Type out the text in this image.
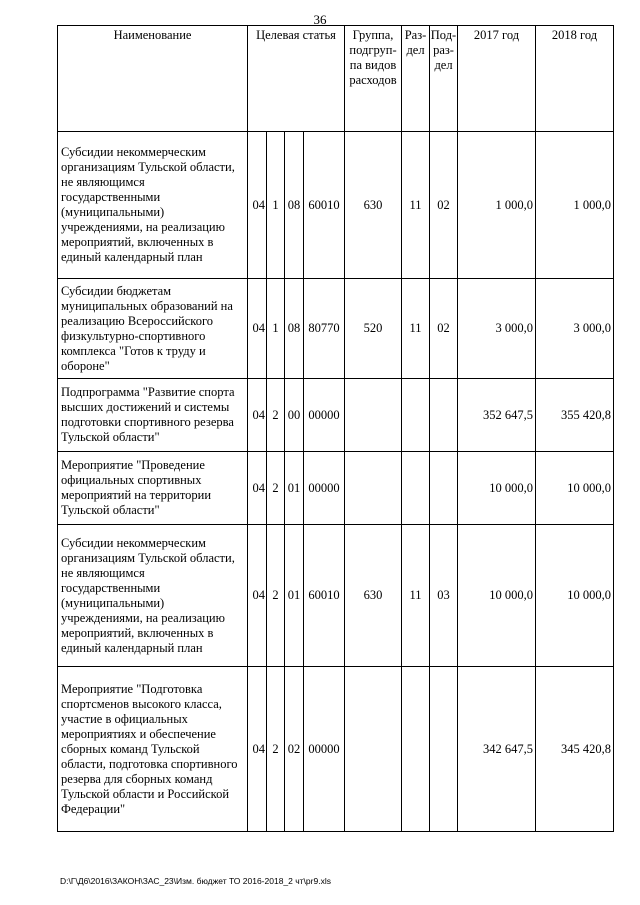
36
Наименование	Целевая статья				Группа, подгруп-па видов расходов	Раз-дел	Под-раз-дел	2017 год	2018 год
Субсидии некоммерческим организациям Тульской области, не являющимся государственными (муниципальными) учреждениями, на реализацию мероприятий, включенных в единый календарный план	04	1	08	60010	630	11	02	1 000,0	1 000,0
Субсидии бюджетам муниципальных образований на реализацию Всероссийского физкультурно-спортивного комплекса "Готов к труду и обороне"	04	1	08	80770	520	11	02	3 000,0	3 000,0
Подпрограмма "Развитие спорта высших достижений и системы подготовки спортивного резерва Тульской области"	04	2	00	00000				352 647,5	355 420,8
Мероприятие "Проведение официальных спортивных мероприятий на территории Тульской области"	04	2	01	00000				10 000,0	10 000,0
Субсидии некоммерческим организациям Тульской области, не являющимся государственными (муниципальными) учреждениями, на реализацию мероприятий, включенных в единый календарный план	04	2	01	60010	630	11	03	10 000,0	10 000,0
Мероприятие "Подготовка спортсменов высокого класса, участие в официальных мероприятиях и обеспечение сборных команд Тульской области, подготовка спортивного резерва для сборных команд Тульской области и Российской Федерации"	04	2	02	00000				342 647,5	345 420,8
D:\Г\Д6\2016\ЗАКОН\ЗАС_23\Изм. бюджет ТО 2016-2018_2 чт\pr9.xls
